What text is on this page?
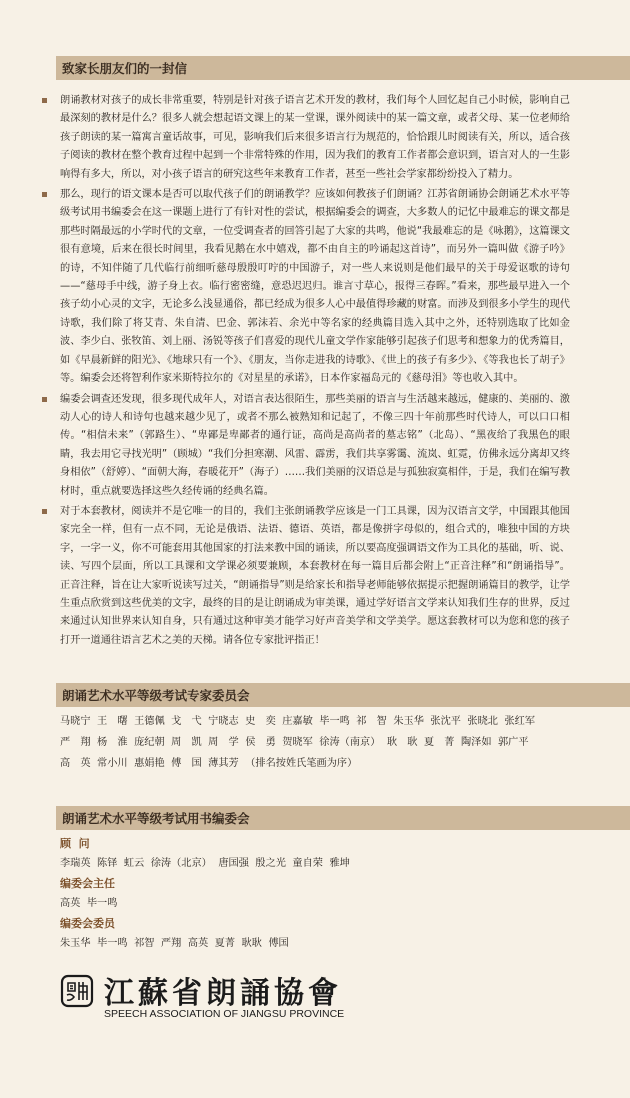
致家长朋友们的一封信

朗诵教材对孩子的成长非常重要，特别是针对孩子语言艺术开发的教材，我们每个人回忆起自己小时候，影响自己最深刻的教材是什么？很多人就会想起语文课上的某一堂课，课外阅读中的某一篇文章，或者父母、某一位老师给孩子朗读的某一篇寓言童话故事，可见，影响我们后来很多语言行为规范的，恰恰跟儿时阅读有关，所以，适合孩子阅读的教材在整个教育过程中起到一个非常特殊的作用，因为我们的教育工作者都会意识到，语言对人的一生影响得有多大，所以，对小孩子语言的研究这些年来教育工作者，甚至一些社会学家都纷纷投入了精力。

那么，现行的语文课本是否可以取代孩子们的朗诵教学？应该如何教孩子们朗诵？江苏省朗诵协会朗诵艺术水平等级考试用书编委会在这一课题上进行了有针对性的尝试，根据编委会的调查，大多数人的记忆中最难忘的课文都是那些时隔最远的小学时代的文章，一位受调查者的回答引起了大家的共鸣，他说“我最难忘的是《咏鹅》，这篇课文很有意境，后来在很长时间里，我看见鹅在水中嬉戏，都不由自主的吟诵起这首诗”，而另外一篇叫做《游子吟》的诗，不知伴随了几代临行前细听慈母殷殷叮咛的中国游子，对一些人来说则是他们最早的关于母爱讴歌的诗句——“慈母手中线，游子身上衣。临行密密缝，意恐迟迟归。谁言寸草心，报得三春晖。”看来，那些最早进入一个孩子幼小心灵的文字，无论多么浅显通俗，都已经成为很多人心中最值得珍藏的财富。而涉及到很多小学生的现代诗歌，我们除了将艾青、朱自清、巴金、郭沫若、余光中等名家的经典篇目选入其中之外，还特别选取了比如金波、李少白、张牧笛、刘上丽、汤锐等孩子们喜爱的现代儿童文学作家能够引起孩子们思考和想象力的优秀篇目，如《早晨新鲜的阳光》、《地球只有一个》、《朋友，当你走进我的诗歌》、《世上的孩子有多少》、《等我也长了胡子》等。编委会还将智利作家米斯特拉尔的《对星星的承诺》，日本作家福岛元的《慈母泪》等也收入其中。

编委会调查还发现，很多现代成年人，对语言表达很陌生，那些美丽的语言与生活越来越远，健康的、美丽的、激动人心的诗人和诗句也越来越少见了，或者不那么被熟知和记起了，不像三四十年前那些时代诗人，可以口口相传。“相信未来”（郭路生）、“卑鄙是卑鄙者的通行证，高尚是高尚者的墓志铭”（北岛）、“黑夜给了我黑色的眼睛，我去用它寻找光明”（顾城）“我们分担寒潮、风雷、霹雳，我们共享雾霭、流岚、虹霓，仿佛永远分离却又终身相依”（舒婷）、“面朝大海，春暖花开”（海子）……我们美丽的汉语总是与孤独寂寞相伴，于是，我们在编写教材时，重点就要选择这些久经传诵的经典名篇。

对于本套教材，阅读并不是它唯一的目的，我们主张朗诵教学应该是一门工具课，因为汉语言文学，中国跟其他国家完全一样，但有一点不同，无论是俄语、法语、德语、英语，都是像拼字母似的，组合式的，唯独中国的方块字，一字一义，你不可能套用其他国家的打法来教中国的诵读，所以要高度强调语文作为工具化的基础，听、说、读、写四个层面，所以工具课和文学课必须要兼顾，本套教材在每一篇目后都会附上“正音注释”和“朗诵指导”。正音注释，旨在让大家听说读写过关，“朗诵指导”则是给家长和指导老师能够依据提示把握朗诵篇目的教学，让学生重点欣赏到这些优美的文字，最终的目的是让朗诵成为审美课，通过学好语言文学来认知我们生存的世界，反过来通过认知世界来认知自身，只有通过这种审美才能学习好声音美学和文学美学。愿这套教材可以为您和您的孩子打开一道通往语言艺术之美的天梯。请各位专家批评指正！

朗诵艺术水平等级考试专家委员会
马晓宁  王　曙  王德佩  戈　弋  宁晓志  史　奕  庄嘉敏  毕一鸣  祁　智  朱玉华  张沈平  张晓北  张红军
严　翔  杨　淮  庞纪朝  周　凯  周　学  侯　勇  贺晓军  徐涛（南京）  耿　耿  夏　菁  陶泽如  郭广平
高　英  常小川  惠娟艳  傅　国  薄其芳  （排名按姓氏笔画为序）
朗诵艺术水平等级考试用书编委会
顾  问
李瑞英  陈铎  虹云  徐涛（北京）  唐国强  殷之光  童自荣  雅坤
编委会主任
高英  毕一鸣
编委会委员
朱玉华  毕一鸣  祁智  严翔  高英  夏菁  耿耿  傅国
江蘇省朗誦協會
SPEECH ASSOCIATION OF JIANGSU PROVINCE
